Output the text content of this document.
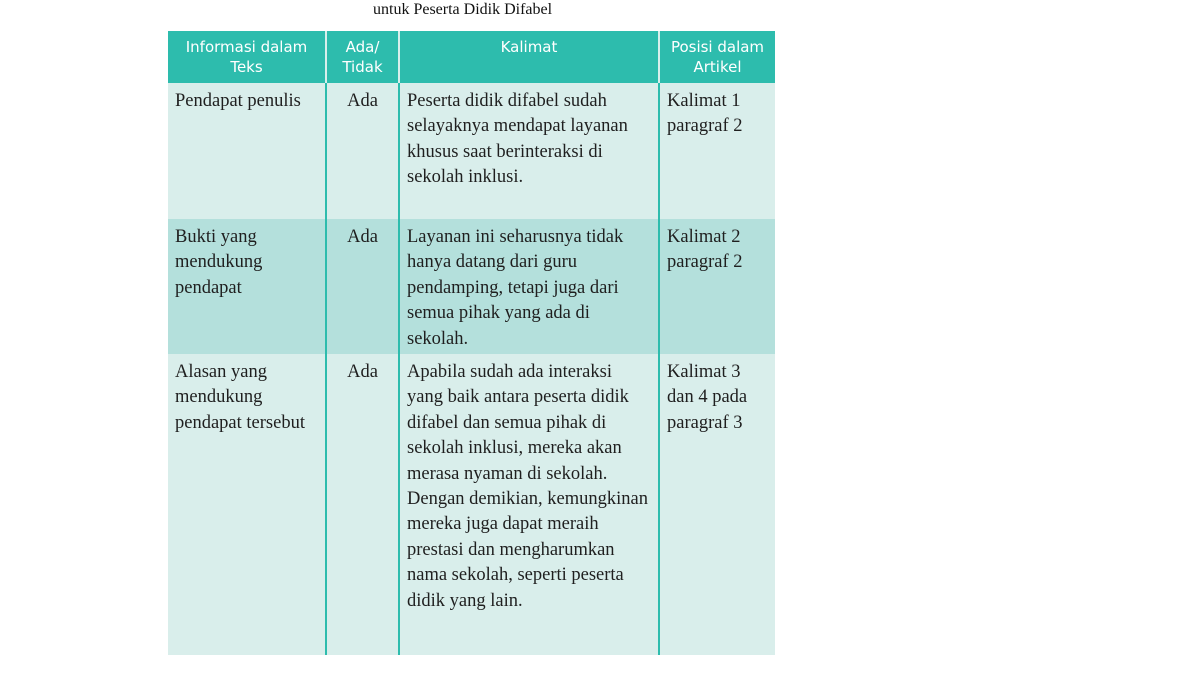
untuk Peserta Didik Difabel
Informasi dalam Teks	Ada/ Tidak	Kalimat	Posisi dalam Artikel
Pendapat penulis	Ada	Peserta didik difabel sudah selayaknya mendapat layanan khusus saat berinteraksi di sekolah inklusi.	Kalimat 1 paragraf 2
Bukti yang mendukung pendapat	Ada	Layanan ini seharusnya tidak hanya datang dari guru pendamping, tetapi juga dari semua pihak yang ada di sekolah.	Kalimat 2 paragraf 2
Alasan yang mendukung pendapat tersebut	Ada	Apabila sudah ada interaksi yang baik antara peserta didik difabel dan semua pihak di sekolah inklusi, mereka akan merasa nyaman di sekolah. Dengan demikian, kemungkinan mereka juga dapat meraih prestasi dan mengharumkan nama sekolah, seperti peserta didik yang lain.	Kalimat 3 dan 4 pada paragraf 3
